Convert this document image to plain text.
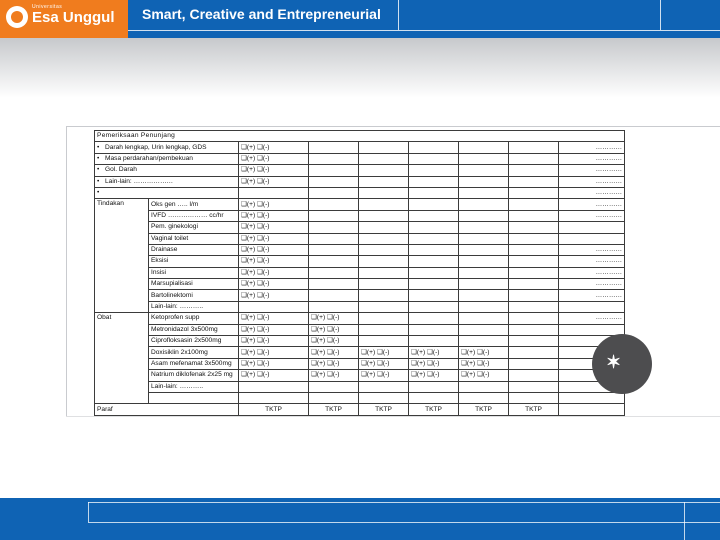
Universitas
Esa Unggul Smart, Creative and Entrepreneurial
Pemeriksaan Penunjang								
• Darah lengkap, Urin lengkap, GDS		❑(+) ❑(-)						…………
• Masa perdarahan/pembekuan		❑(+) ❑(-)						…………
• Gol. Darah		❑(+) ❑(-)						…………
• Lain-lain: ………………		❑(+) ❑(-)						…………
•								…………
Tindakan	Oks gen ….. l/m	❑(+) ❑(-)						…………
	IVFD ……………… cc/hr	❑(+) ❑(-)						…………
	Pem. ginekologi	❑(+) ❑(-)						
	Vaginal toilet	❑(+) ❑(-)						
	Drainase	❑(+) ❑(-)						…………
	Eksisi	❑(+) ❑(-)						…………
	Insisi	❑(+) ❑(-)						…………
	Marsupialisasi	❑(+) ❑(-)						…………
	Bartolinektomi	❑(+) ❑(-)						…………
	Lain-lain: ………..							
Obat	Ketoprofen supp	❑(+) ❑(-)	❑(+) ❑(-)					…………
	Metronidazol 3x500mg	❑(+) ❑(-)	❑(+) ❑(-)					
	Ciprofloksasin 2x500mg	❑(+) ❑(-)	❑(+) ❑(-)					
	Doxisiklin 2x100mg	❑(+) ❑(-)	❑(+) ❑(-)	❑(+) ❑(-)	❑(+) ❑(-)	❑(+) ❑(-)		
	Asam mefenamat 3x500mg	❑(+) ❑(-)	❑(+) ❑(-)	❑(+) ❑(-)	❑(+) ❑(-)	❑(+) ❑(-)		
	Natrium diklofenak 2x25 mg	❑(+) ❑(-)	❑(+) ❑(-)	❑(+) ❑(-)	❑(+) ❑(-)	❑(+) ❑(-)		
	Lain-lain: ………..							

Paraf		TKTP	TKTP	TKTP	TKTP	TKTP	TKTP	
✶
